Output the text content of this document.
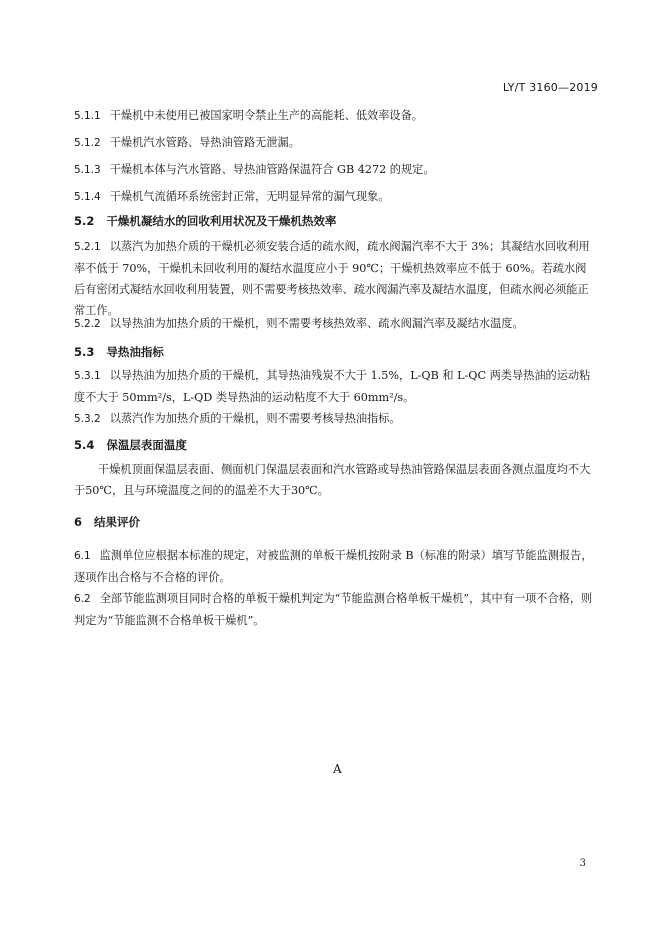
LY/T 3160—2019

5.1.1 干燥机中未使用已被国家明令禁止生产的高能耗、低效率设备。

5.1.2 干燥机汽水管路、导热油管路无泄漏。

5.1.3 干燥机本体与汽水管路、导热油管路保温符合 GB 4272 的规定。

5.1.4 干燥机气流循环系统密封正常，无明显异常的漏气现象。

5.2 干燥机凝结水的回收利用状况及干燥机热效率

5.2.1 以蒸汽为加热介质的干燥机必须安装合适的疏水阀，疏水阀漏汽率不大于 3%；其凝结水回收利用率不低于 70%，干燥机未回收利用的凝结水温度应小于 90℃；干燥机热效率应不低于 60%。若疏水阀后有密闭式凝结水回收利用装置，则不需要考核热效率、疏水阀漏汽率及凝结水温度，但疏水阀必须能正常工作。

5.2.2 以导热油为加热介质的干燥机，则不需要考核热效率、疏水阀漏汽率及凝结水温度。

5.3 导热油指标

5.3.1 以导热油为加热介质的干燥机，其导热油残炭不大于 1.5%，L-QB 和 L-QC 两类导热油的运动粘度不大于 50mm²/s，L-QD 类导热油的运动粘度不大于 60mm²/s。

5.3.2 以蒸汽作为加热介质的干燥机，则不需要考核导热油指标。

5.4 保温层表面温度

干燥机顶面保温层表面、侧面机门保温层表面和汽水管路或导热油管路保温层表面各测点温度均不大于50℃，且与环境温度之间的的温差不大于30℃。

6 结果评价

6.1 监测单位应根据本标准的规定，对被监测的单板干燥机按附录 B（标准的附录）填写节能监测报告，逐项作出合格与不合格的评价。

6.2 全部节能监测项目同时合格的单板干燥机判定为“节能监测合格单板干燥机”，其中有一项不合格，则判定为“节能监测不合格单板干燥机”。

A
3
